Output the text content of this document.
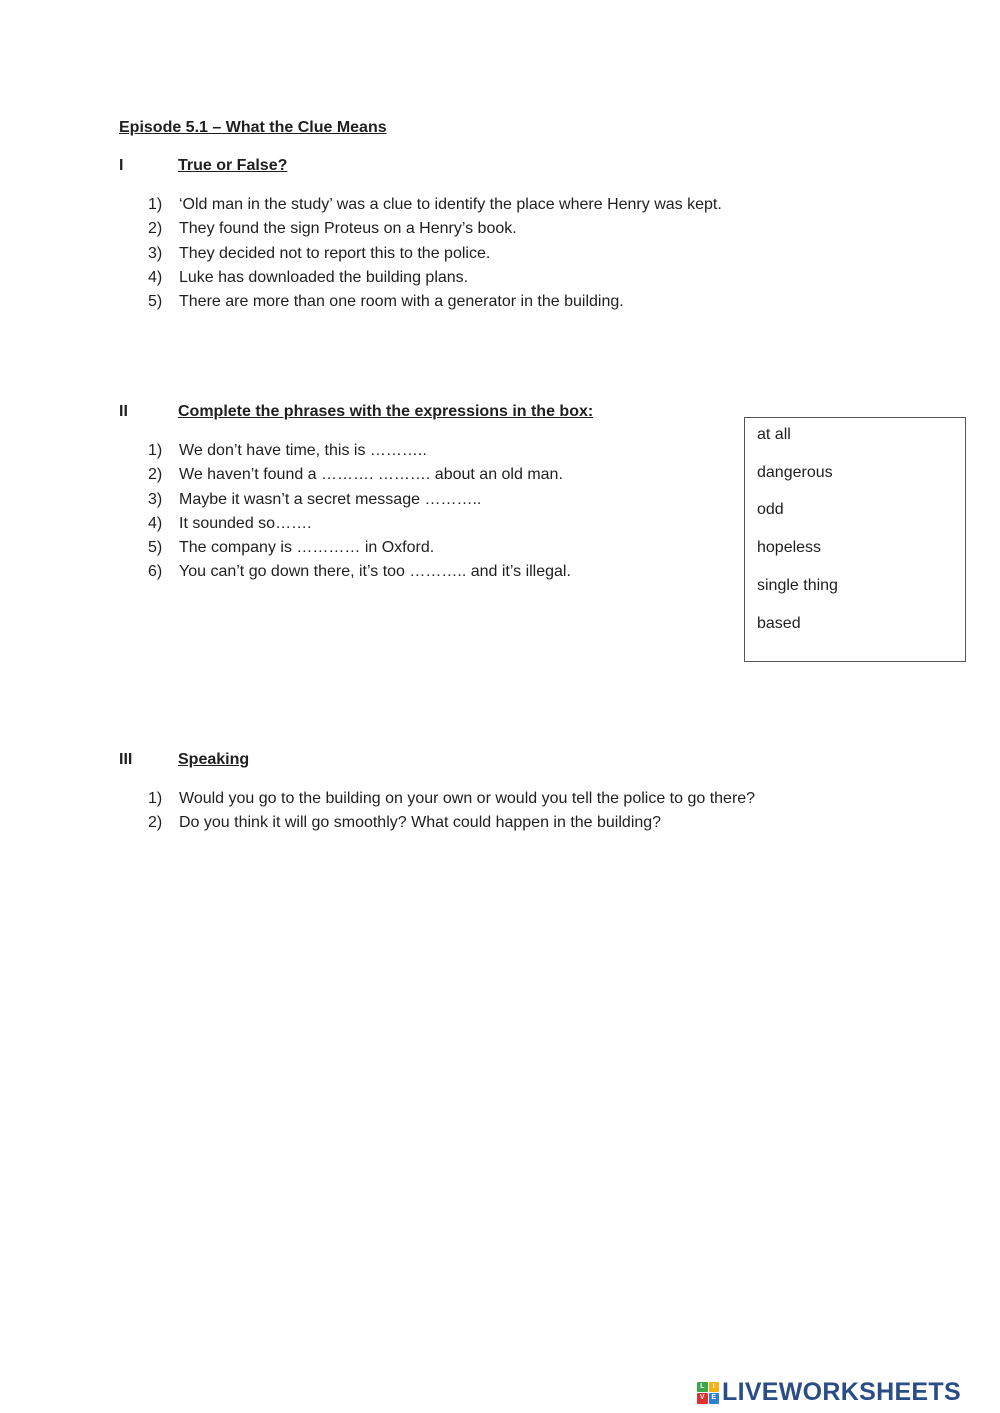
Episode 5.1 – What the Clue Means
I	True or False?
1) ‘Old man in the study’ was a clue to identify the place where Henry was kept.
2) They found the sign Proteus on a Henry’s book.
3) They decided not to report this to the police.
4) Luke has downloaded the building plans.
5) There are more than one room with a generator in the building.
II	Complete the phrases with the expressions in the box:
1) We don’t have time, this is ………..
2) We haven’t found a ………. ………. about an old man.
3) Maybe it wasn’t a secret message ………..
4) It sounded so…….
5) The company is ………… in Oxford.
6) You can’t go down there, it’s too ……….. and it’s illegal.
at all
dangerous
odd
hopeless
single thing
based
III	Speaking
1) Would you go to the building on your own or would you tell the police to go there?
2) Do you think it will go smoothly? What could happen in the building?
L	I
V E LIVEWORKSHEETS
